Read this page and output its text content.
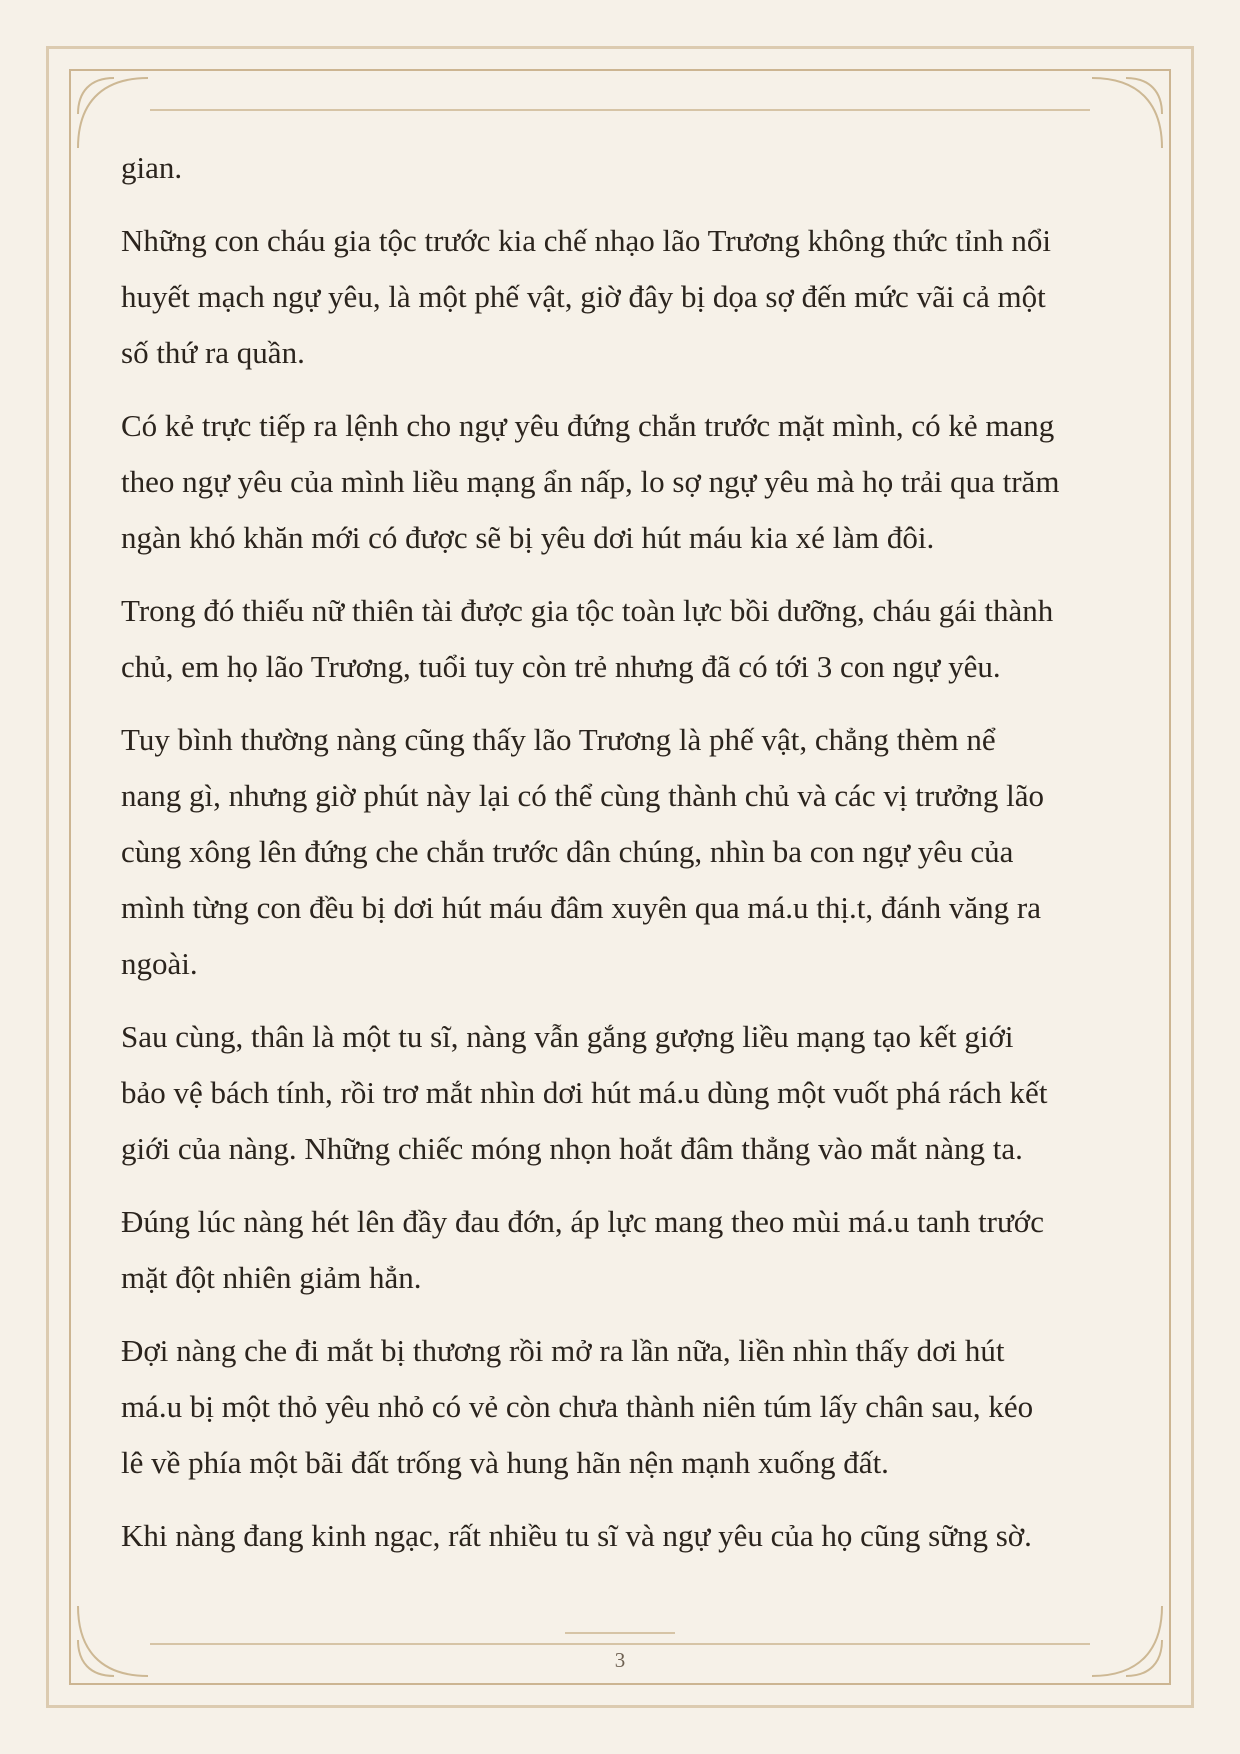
gian.

Những con cháu gia tộc trước kia chế nhạo lão Trương không thức tỉnh nổi
huyết mạch ngự yêu, là một phế vật, giờ đây bị dọa sợ đến mức vãi cả một
số thứ ra quần.

Có kẻ trực tiếp ra lệnh cho ngự yêu đứng chắn trước mặt mình, có kẻ mang
theo ngự yêu của mình liều mạng ẩn nấp, lo sợ ngự yêu mà họ trải qua trăm
ngàn khó khăn mới có được sẽ bị yêu dơi hút máu kia xé làm đôi.

Trong đó thiếu nữ thiên tài được gia tộc toàn lực bồi dưỡng, cháu gái thành
chủ, em họ lão Trương, tuổi tuy còn trẻ nhưng đã có tới 3 con ngự yêu.

Tuy bình thường nàng cũng thấy lão Trương là phế vật, chẳng thèm nể
nang gì, nhưng giờ phút này lại có thể cùng thành chủ và các vị trưởng lão
cùng xông lên đứng che chắn trước dân chúng, nhìn ba con ngự yêu của
mình từng con đều bị dơi hút máu đâm xuyên qua má.u thị.t, đánh văng ra
ngoài.

Sau cùng, thân là một tu sĩ, nàng vẫn gắng gượng liều mạng tạo kết giới
bảo vệ bách tính, rồi trơ mắt nhìn dơi hút má.u dùng một vuốt phá rách kết
giới của nàng. Những chiếc móng nhọn hoắt đâm thẳng vào mắt nàng ta.

Đúng lúc nàng hét lên đầy đau đớn, áp lực mang theo mùi má.u tanh trước
mặt đột nhiên giảm hẳn.

Đợi nàng che đi mắt bị thương rồi mở ra lần nữa, liền nhìn thấy dơi hút
má.u bị một thỏ yêu nhỏ có vẻ còn chưa thành niên túm lấy chân sau, kéo
lê về phía một bãi đất trống và hung hãn nện mạnh xuống đất.

Khi nàng đang kinh ngạc, rất nhiều tu sĩ và ngự yêu của họ cũng sững sờ.

3
